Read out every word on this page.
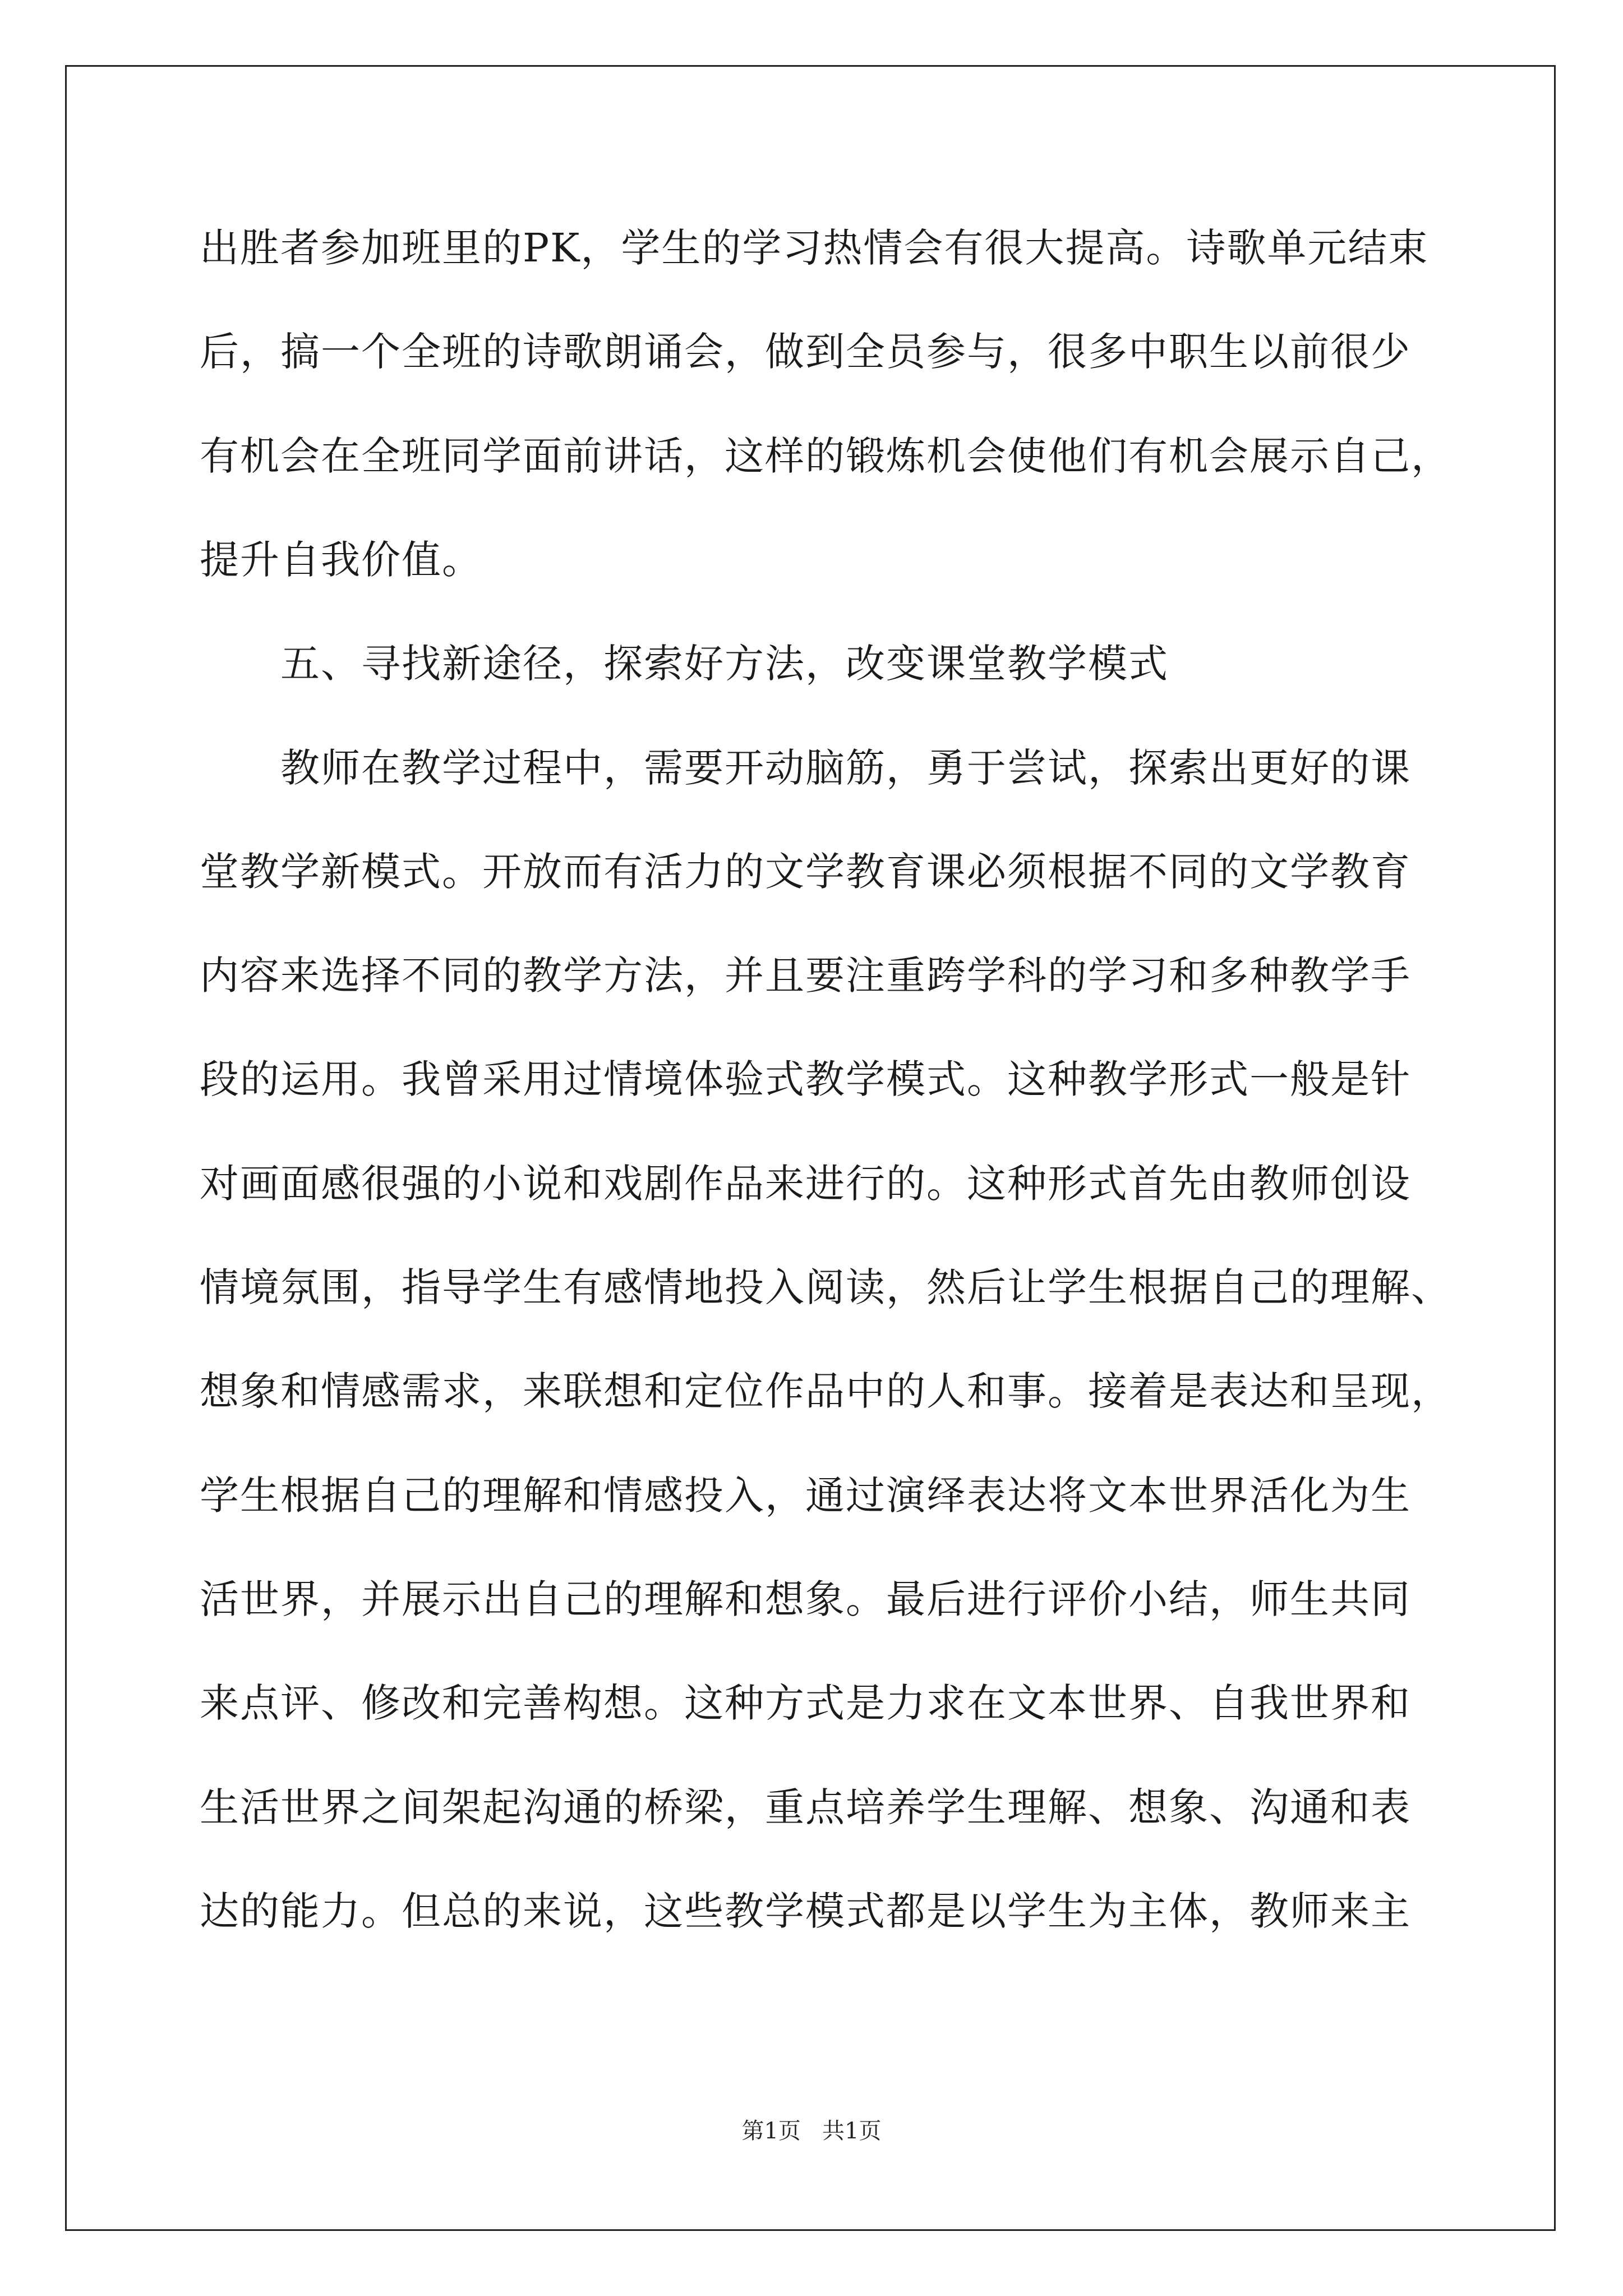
出胜者参加班里的PK，学生的学习热情会有很大提高。诗歌单元结束
后，搞一个全班的诗歌朗诵会，做到全员参与，很多中职生以前很少
有机会在全班同学面前讲话，这样的锻炼机会使他们有机会展示自己，
提升自我价值。
　　五、寻找新途径，探索好方法，改变课堂教学模式
　　教师在教学过程中，需要开动脑筋，勇于尝试，探索出更好的课
堂教学新模式。开放而有活力的文学教育课必须根据不同的文学教育
内容来选择不同的教学方法，并且要注重跨学科的学习和多种教学手
段的运用。我曾采用过情境体验式教学模式。这种教学形式一般是针
对画面感很强的小说和戏剧作品来进行的。这种形式首先由教师创设
情境氛围，指导学生有感情地投入阅读，然后让学生根据自己的理解、
想象和情感需求，来联想和定位作品中的人和事。接着是表达和呈现，
学生根据自己的理解和情感投入，通过演绎表达将文本世界活化为生
活世界，并展示出自己的理解和想象。最后进行评价小结，师生共同
来点评、修改和完善构想。这种方式是力求在文本世界、自我世界和
生活世界之间架起沟通的桥梁，重点培养学生理解、想象、沟通和表
达的能力。但总的来说，这些教学模式都是以学生为主体，教师来主
第1页   共1页
